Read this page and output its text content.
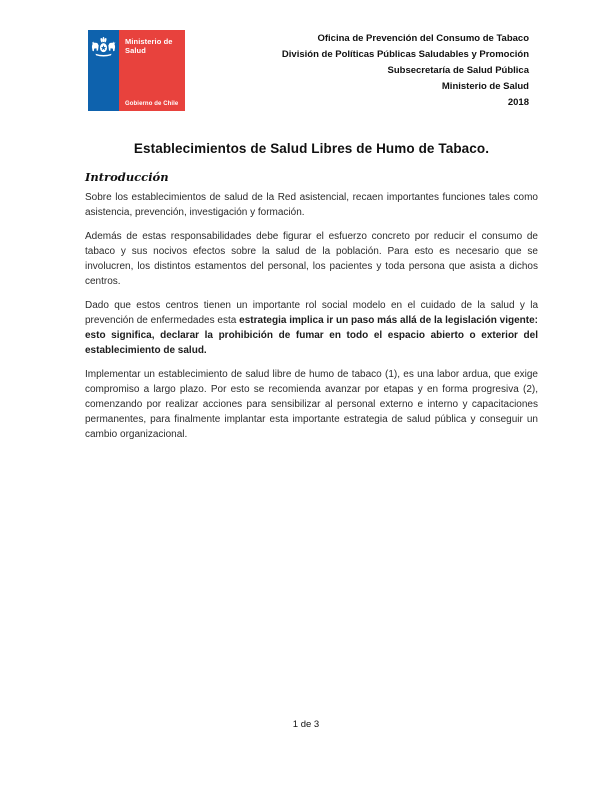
Ministerio de
Salud
Gobierno de Chile
Oficina de Prevención del Consumo de Tabaco
División de Políticas Públicas Saludables y Promoción
Subsecretaría de Salud Pública
Ministerio de Salud
2018
Establecimientos de Salud Libres de Humo de Tabaco.
Introducción

Sobre los establecimientos de salud de la Red asistencial, recaen importantes funciones tales como asistencia, prevención, investigación y formación.

Además de estas responsabilidades debe figurar el esfuerzo concreto por reducir el consumo de tabaco y sus nocivos efectos sobre la salud de la población. Para esto es necesario que se involucren, los distintos estamentos del personal, los pacientes y toda persona que asista a dichos centros.

Dado que estos centros tienen un importante rol social modelo en el cuidado de la salud y la prevención de enfermedades esta estrategia implica ir un paso más allá de la legislación vigente: esto significa, declarar la prohibición de fumar en todo el espacio abierto o exterior del establecimiento de salud.

Implementar un establecimiento de salud libre de humo de tabaco (1), es una labor ardua, que exige compromiso a largo plazo. Por esto se recomienda avanzar por etapas y en forma progresiva (2), comenzando por realizar acciones para sensibilizar al personal externo e interno y capacitaciones permanentes, para finalmente implantar esta importante estrategia de salud pública y conseguir un cambio organizacional.

1 de 3
